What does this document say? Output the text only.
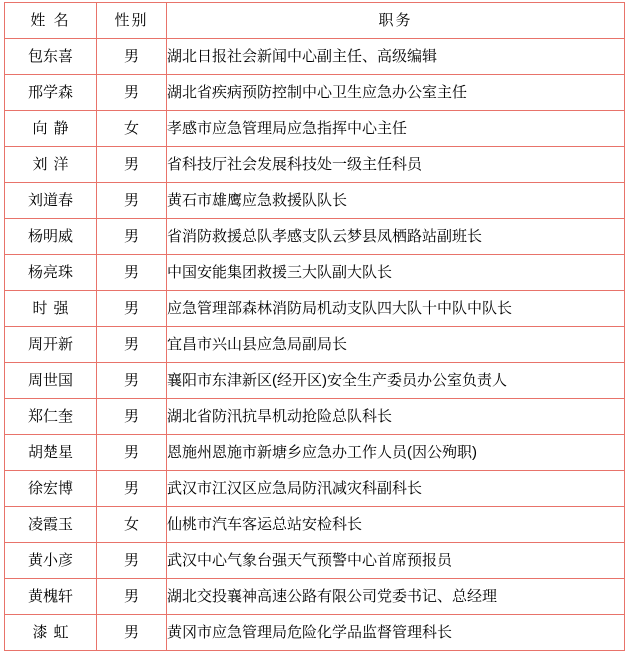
姓 名	性别	职务
包东喜	男	湖北日报社会新闻中心副主任、高级编辑
邢学森	男	湖北省疾病预防控制中心卫生应急办公室主任
向静	女	孝感市应急管理局应急指挥中心主任
刘洋	男	省科技厅社会发展科技处一级主任科员
刘道春	男	黄石市雄鹰应急救援队队长
杨明威	男	省消防救援总队孝感支队云梦县凤栖路站副班长
杨亮珠	男	中国安能集团救援三大队副大队长
时强	男	应急管理部森林消防局机动支队四大队十中队中队长
周开新	男	宜昌市兴山县应急局副局长
周世国	男	襄阳市东津新区(经开区)安全生产委员办公室负责人
郑仁奎	男	湖北省防汛抗旱机动抢险总队科长
胡楚星	男	恩施州恩施市新塘乡应急办工作人员(因公殉职)
徐宏博	男	武汉市江汉区应急局防汛减灾科副科长
凌霞玉	女	仙桃市汽车客运总站安检科长
黄小彦	男	武汉中心气象台强天气预警中心首席预报员
黄槐轩	男	湖北交投襄神高速公路有限公司党委书记、总经理
漆虹	男	黄冈市应急管理局危险化学品监督管理科长
